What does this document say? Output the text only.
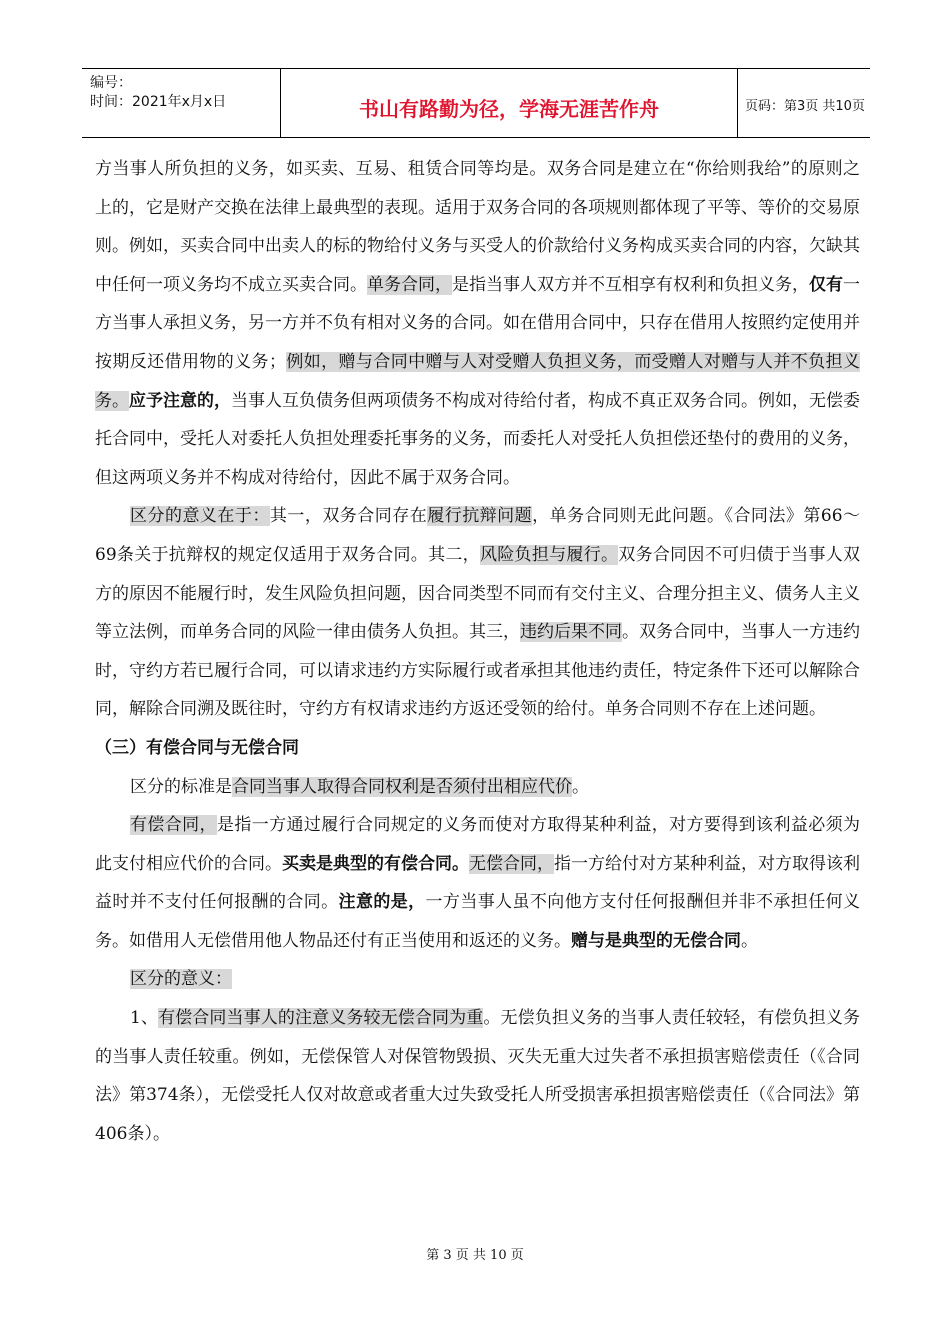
编号：
时间：2021年x月x日	书山有路勤为径，学海无涯苦作舟	页码：第3页 共10页

方当事人所负担的义务，如买卖、互易、租赁合同等均是。双务合同是建立在“你给则我给”的原则之上的，它是财产交换在法律上最典型的表现。适用于双务合同的各项规则都体现了平等、等价的交易原则。例如，买卖合同中出卖人的标的物给付义务与买受人的价款给付义务构成买卖合同的内容，欠缺其中任何一项义务均不成立买卖合同。单务合同，是指当事人双方并不互相享有权利和负担义务，仅有一方当事人承担义务，另一方并不负有相对义务的合同。如在借用合同中，只存在借用人按照约定使用并按期反还借用物的义务；例如，赠与合同中赠与人对受赠人负担义务，而受赠人对赠与人并不负担义务。应予注意的，当事人互负债务但两项债务不构成对待给付者，构成不真正双务合同。例如，无偿委托合同中，受托人对委托人负担处理委托事务的义务，而委托人对受托人负担偿还垫付的费用的义务，但这两项义务并不构成对待给付，因此不属于双务合同。

区分的意义在于：其一，双务合同存在履行抗辩问题，单务合同则无此问题。《合同法》第66～69条关于抗辩权的规定仅适用于双务合同。其二，风险负担与履行。双务合同因不可归债于当事人双方的原因不能履行时，发生风险负担问题，因合同类型不同而有交付主义、合理分担主义、债务人主义等立法例，而单务合同的风险一律由债务人负担。其三，违约后果不同。双务合同中，当事人一方违约时，守约方若已履行合同，可以请求违约方实际履行或者承担其他违约责任，特定条件下还可以解除合同，解除合同溯及既往时，守约方有权请求违约方返还受领的给付。单务合同则不存在上述问题。

（三）有偿合同与无偿合同

区分的标准是合同当事人取得合同权利是否须付出相应代价。

有偿合同，是指一方通过履行合同规定的义务而使对方取得某种利益，对方要得到该利益必须为此支付相应代价的合同。买卖是典型的有偿合同。无偿合同，指一方给付对方某种利益，对方取得该利益时并不支付任何报酬的合同。注意的是，一方当事人虽不向他方支付任何报酬但并非不承担任何义务。如借用人无偿借用他人物品还付有正当使用和返还的义务。赠与是典型的无偿合同。

区分的意义：

1、有偿合同当事人的注意义务较无偿合同为重。无偿负担义务的当事人责任较轻，有偿负担义务的当事人责任较重。例如，无偿保管人对保管物毁损、灭失无重大过失者不承担损害赔偿责任（《合同法》第374条），无偿受托人仅对故意或者重大过失致受托人所受损害承担损害赔偿责任（《合同法》第406条）。

第 3 页 共 10 页
